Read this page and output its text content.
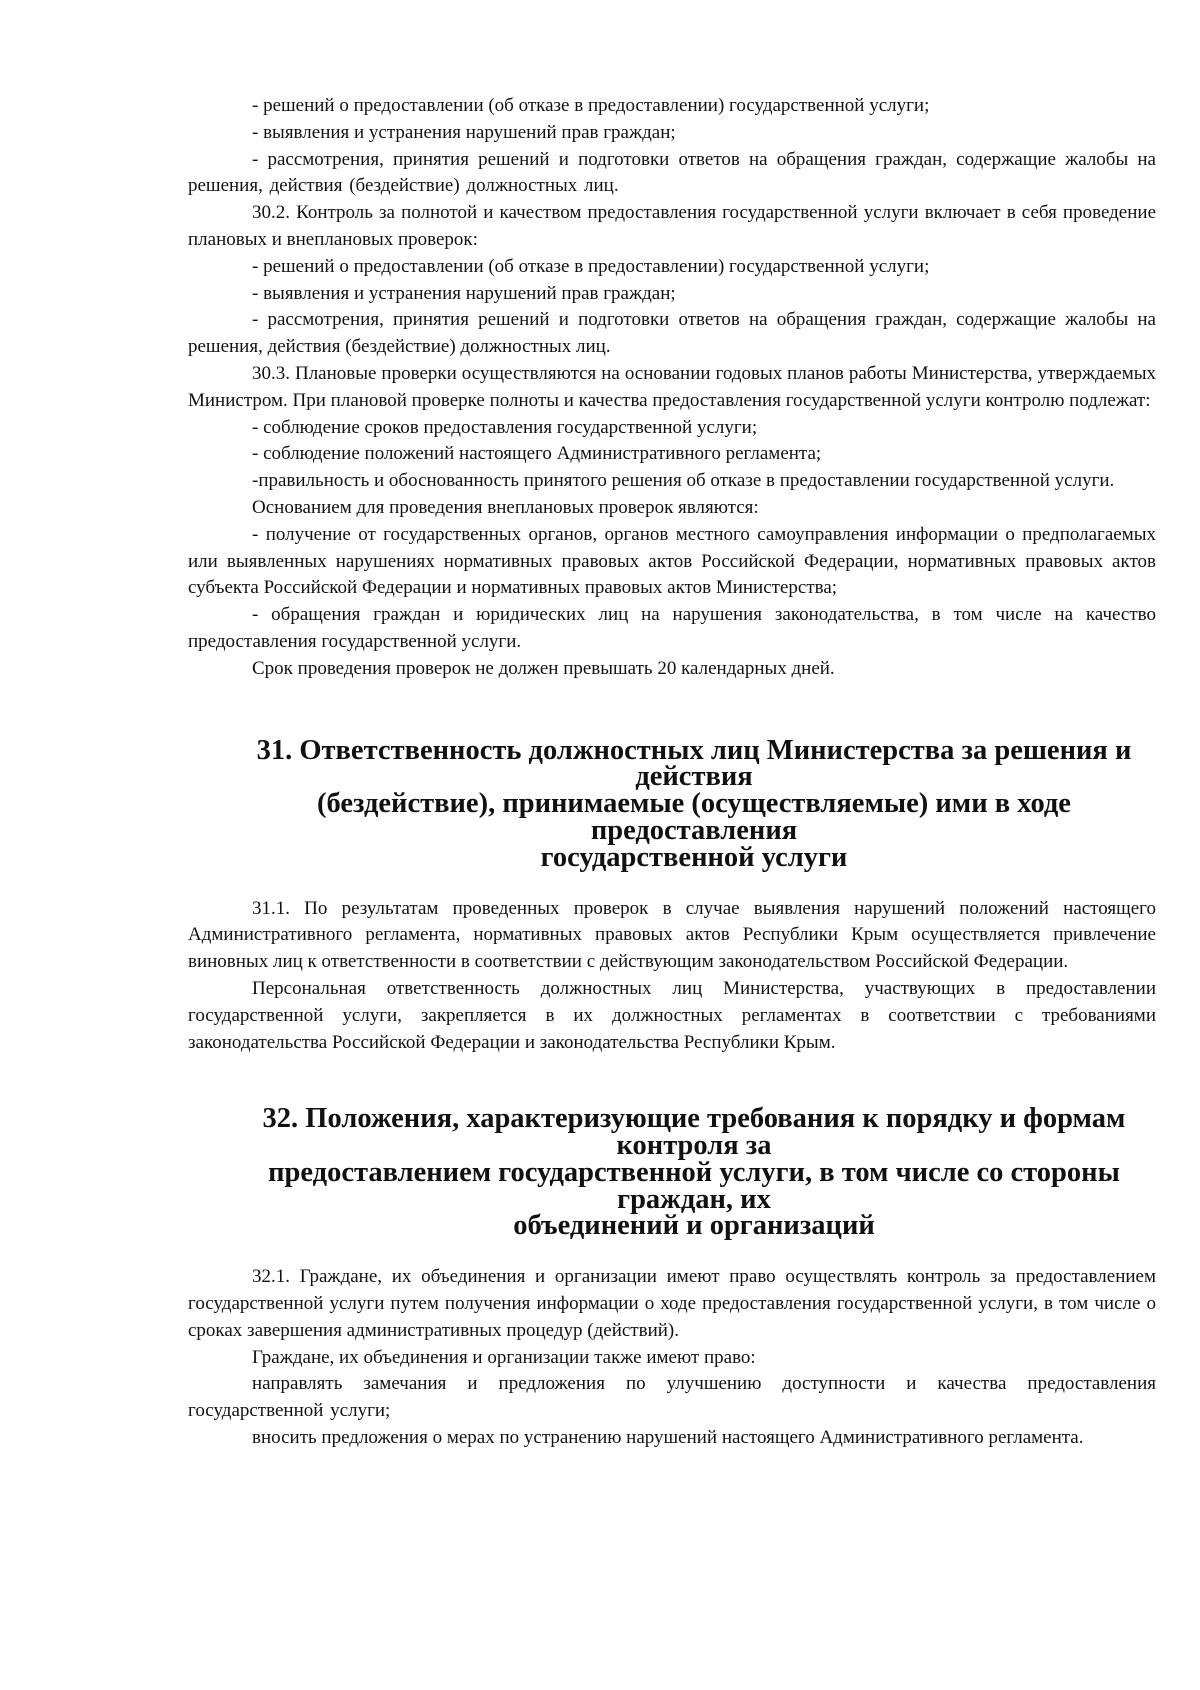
- решений о предоставлении (об отказе в предоставлении) государственной услуги;

- выявления и устранения нарушений прав граждан;

- рассмотрения, принятия решений и подготовки ответов на обращения граждан, содержащие жалобы на решения, действия (бездействие) должностных лиц.

30.2. Контроль за полнотой и качеством предоставления государственной услуги включает в себя проведение плановых и внеплановых проверок:

- решений о предоставлении (об отказе в предоставлении) государственной услуги;

- выявления и устранения нарушений прав граждан;

- рассмотрения, принятия решений и подготовки ответов на обращения граждан, содержащие жалобы на решения, действия (бездействие) должностных лиц.

30.3. Плановые проверки осуществляются на основании годовых планов работы Министерства, утверждаемых Министром. При плановой проверке полноты и качества предоставления государственной услуги контролю подлежат:

- соблюдение сроков предоставления государственной услуги;

- соблюдение положений настоящего Административного регламента;

-правильность и обоснованность принятого решения об отказе в предоставлении государственной услуги.

Основанием для проведения внеплановых проверок являются:

- получение от государственных органов, органов местного самоуправления информации о предполагаемых или выявленных нарушениях нормативных правовых актов Российской Федерации, нормативных правовых актов субъекта Российской Федерации и нормативных правовых актов Министерства;

- обращения граждан и юридических лиц на нарушения законодательства, в том числе на качество предоставления государственной услуги.

Срок проведения проверок не должен превышать 20 календарных дней.

31. Ответственность должностных лиц Министерства за решения и действия
(бездействие), принимаемые (осуществляемые) ими в ходе предоставления
государственной услуги

31.1. По результатам проведенных проверок в случае выявления нарушений положений настоящего Административного регламента, нормативных правовых актов Республики Крым осуществляется привлечение виновных лиц к ответственности в соответствии с действующим законодательством Российской Федерации.

Персональная ответственность должностных лиц Министерства, участвующих в предоставлении государственной услуги, закрепляется в их должностных регламентах в соответствии с требованиями законодательства Российской Федерации и законодательства Республики Крым.

32. Положения, характеризующие требования к порядку и формам контроля за
предоставлением государственной услуги, в том числе со стороны граждан, их
объединений и организаций

32.1. Граждане, их объединения и организации имеют право осуществлять контроль за предоставлением государственной услуги путем получения информации о ходе предоставления государственной услуги, в том числе о сроках завершения административных процедур (действий).

Граждане, их объединения и организации также имеют право:

направлять замечания и предложения по улучшению доступности и качества предоставления государственной услуги;

вносить предложения о мерах по устранению нарушений настоящего Административного регламента.
